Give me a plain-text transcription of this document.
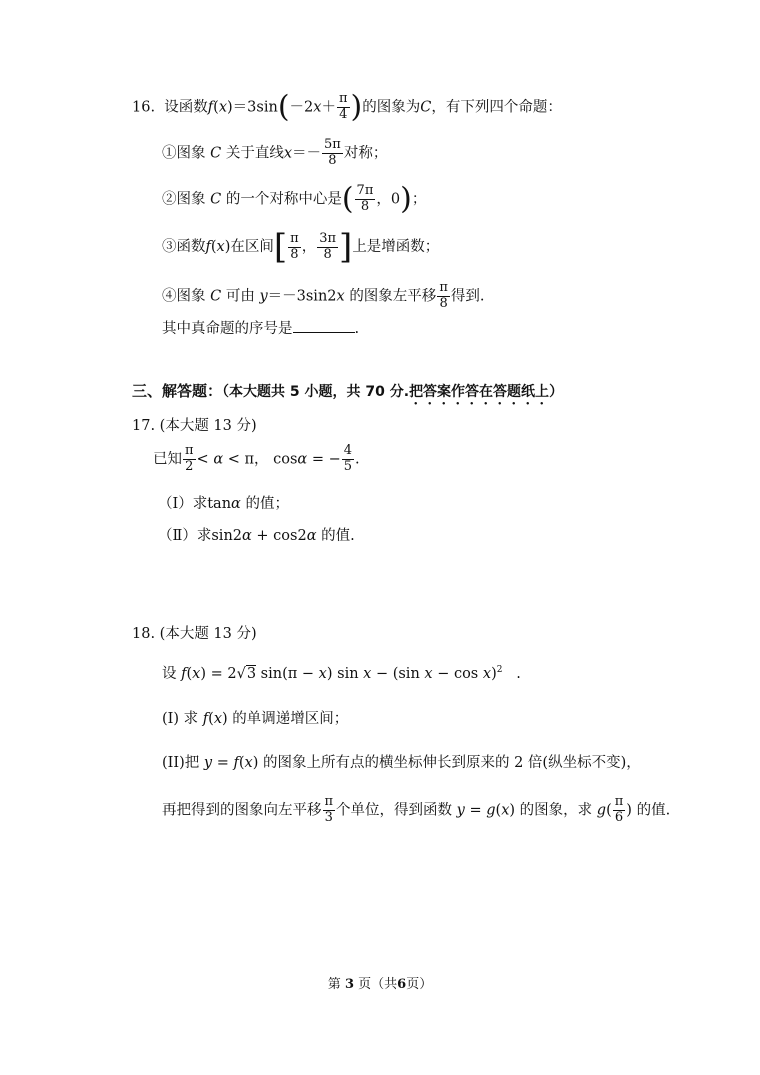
16. 设函数$f(x)=3\sin(-2x+ \frac{\pi}{4}$ )的图象为C，有下列四个命题：
①图象 C 关于直线$x=- \frac{5\pi}{8}$ 对称；
②图象 C 的一个对称中心是( $\frac{7\pi}{8}$ ，0)；
③函数f(x)在区间[ $\frac{\pi}{8}$ ， $\frac{3\pi}{8}$ ]上是增函数；
④图象 C 可由 y＝－3sin2x 的图象左平移 $\frac{\pi}{8}$ 得到.
其中真命题的序号是	.
三、解答题：（本大题共 5 小题，共 70 分.把答案作答在答题纸上）
17. (本大题 13 分)
已知 $\frac{\pi}{2} < \alpha < \pi$， cosα = − $\frac{4}{5}$ .
（Ⅰ）求tanα 的值；
（Ⅱ）求sin2α + cos2α 的值.
18. (本大题 13 分)
设 f(x) = 2√3 sin(π − x) sin x − (sin x − cos x)$^2$   .
(I) 求 f(x) 的单调递增区间；
(II)把 y = f(x) 的图象上所有点的横坐标伸长到原来的 2 倍(纵坐标不变)，
再把得到的图象向左平移 $\frac{\pi}{3}$ 个单位，得到函数 y = g(x) 的图象，求 $g( \frac{\pi}{6}$ ) 的值.
第 3 页（共6页）
